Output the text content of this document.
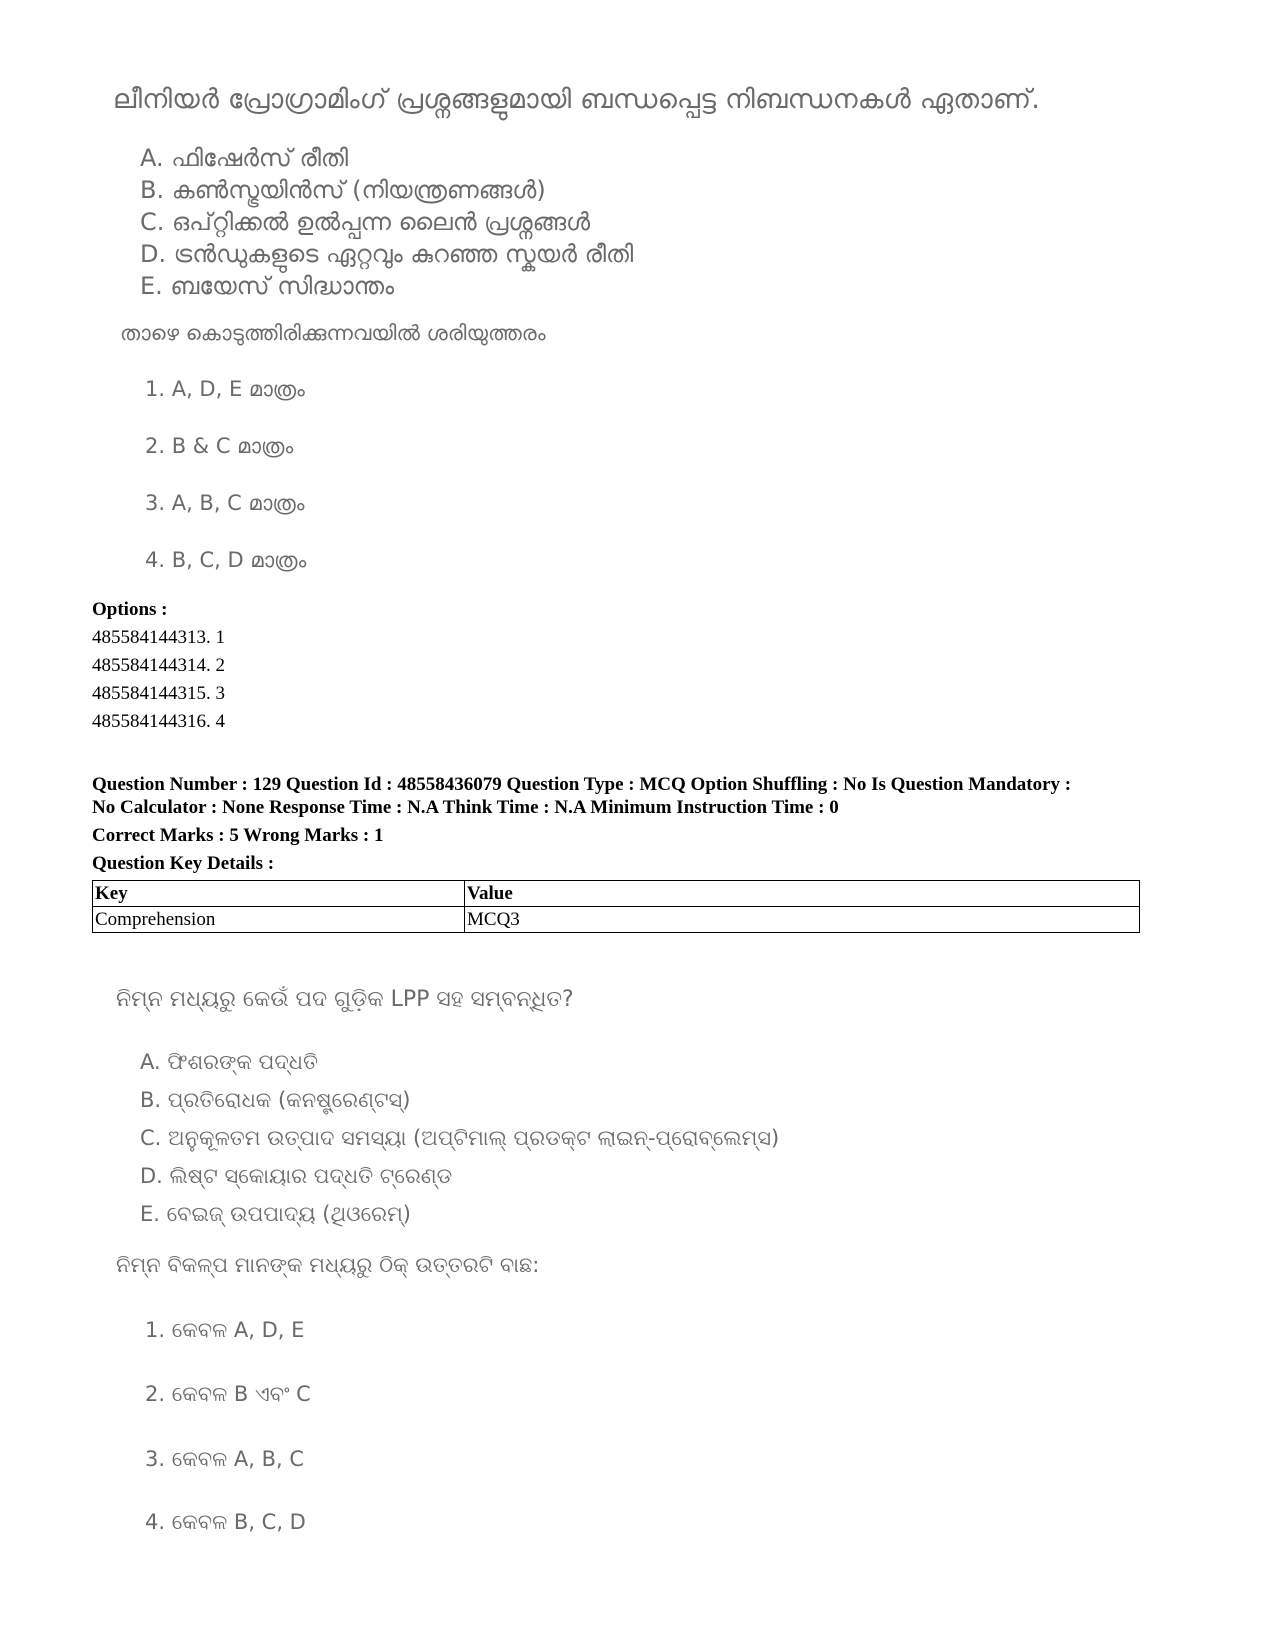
ലീനിയർ പ്രോഗ്രാമിംഗ് പ്രശ്നങ്ങളുമായി ബന്ധപ്പെട്ട നിബന്ധനകൾ ഏതാണ്.
A. ഫിഷേർസ് രീതി
B. കൺസ്ട്രയിൻസ് (നിയന്ത്രണങ്ങൾ)
C. ഒപ്റ്റിക്കൽ ഉൽപ്പന്ന ലൈൻ പ്രശ്നങ്ങൾ
D. ട്രൻഡുകളുടെ ഏറ്റവും കുറഞ്ഞ സ്കയർ രീതി
E. ബയേസ് സിദ്ധാന്തം
താഴെ കൊടുത്തിരിക്കുന്നവയിൽ ശരിയുത്തരം
1. A, D, E മാത്രം
2. B & C മാത്രം
3. A, B, C മാത്രം
4. B, C, D മാത്രം
Options :
485584144313. 1
485584144314. 2
485584144315. 3
485584144316. 4
Question Number : 129 Question Id : 48558436079 Question Type : MCQ Option Shuffling : No Is Question Mandatory :
No Calculator : None Response Time : N.A Think Time : N.A Minimum Instruction Time : 0
Correct Marks : 5 Wrong Marks : 1
Question Key Details :
Key	Value
Comprehension	MCQ3
ନିମ୍ନ ମଧ୍ୟରୁ କେଉଁ ପଦ ଗୁଡ଼ିକ LPP ସହ ସମ୍ବନ୍ଧିତ?
A. ଫିଶରଙ୍କ ପଦ୍ଧତି
B. ପ୍ରତିରୋଧକ (କନଷ୍ଟ୍ରେଣ୍ଟସ୍)
C. ଅନୁକୂଳତମ ଉତ୍ପାଦ ସମସ୍ୟା (ଅପ୍ଟିମାଲ୍ ପ୍ରଡକ୍ଟ ଲାଇନ୍-ପ୍ରୋବ୍ଲେମ୍ସ)
D. ଲିଷ୍ଟ ସ୍କୋୟାର ପଦ୍ଧତି ଟ୍ରେଣ୍ଡ
E. ବେଇଜ୍ ଉପପାଦ୍ୟ (ଥିଓରେମ୍)
ନିମ୍ନ ବିକଳ୍ପ ମାନଙ୍କ ମଧ୍ୟରୁ ଠିକ୍ ଉତ୍ତରଟି ବାଛ:
1. କେବଳ A, D, E
2. କେବଳ B ଏବଂ C
3. କେବଳ A, B, C
4. କେବଳ B, C, D
